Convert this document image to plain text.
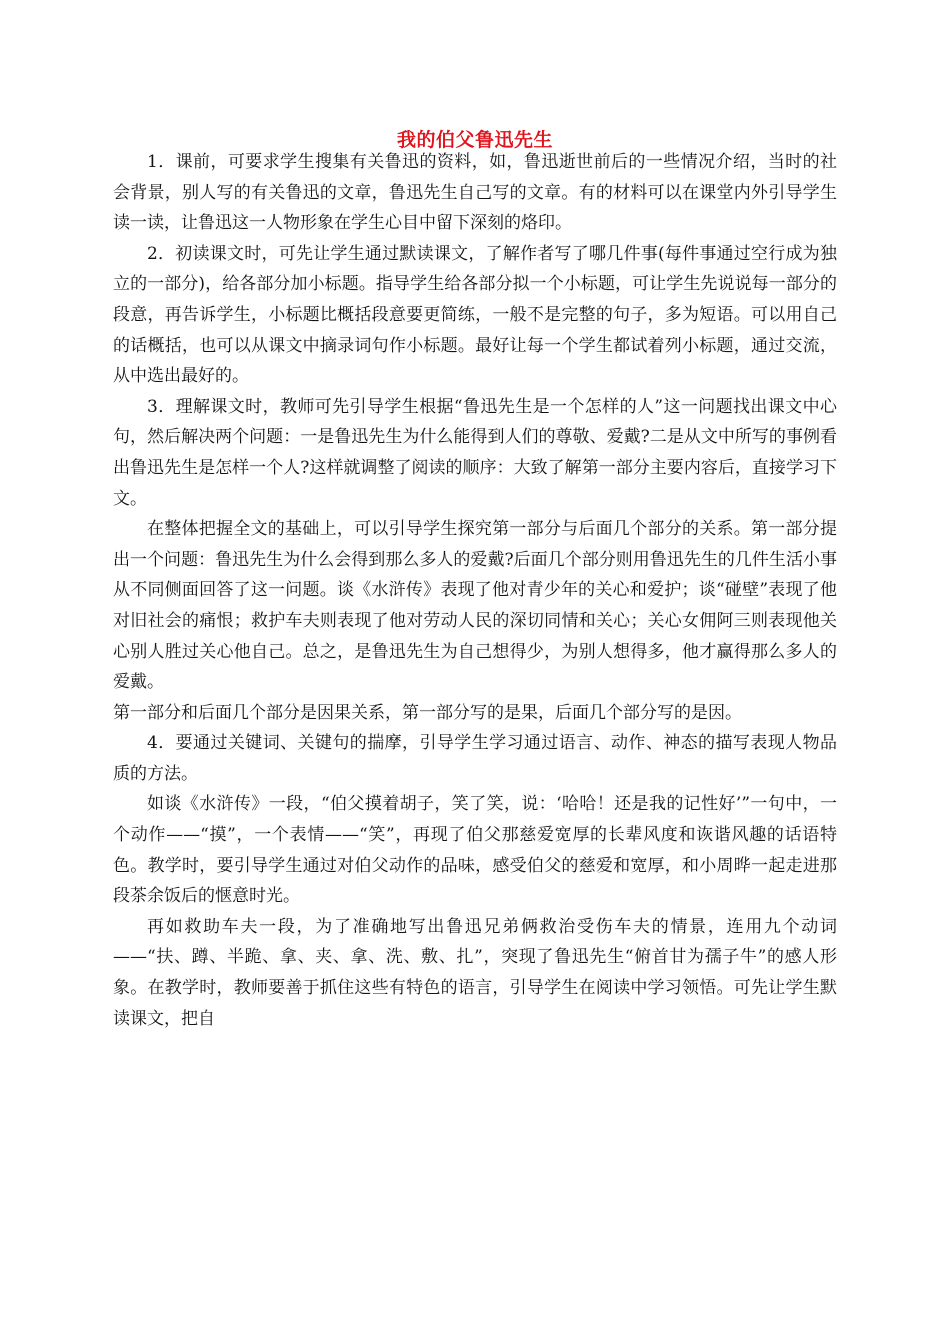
我的伯父鲁迅先生

1．课前，可要求学生搜集有关鲁迅的资料，如，鲁迅逝世前后的一些情况介绍，当时的社会背景，别人写的有关鲁迅的文章，鲁迅先生自己写的文章。有的材料可以在课堂内外引导学生读一读，让鲁迅这一人物形象在学生心目中留下深刻的烙印。

2．初读课文时，可先让学生通过默读课文，了解作者写了哪几件事(每件事通过空行成为独立的一部分)，给各部分加小标题。指导学生给各部分拟一个小标题，可让学生先说说每一部分的段意，再告诉学生，小标题比概括段意要更简练，一般不是完整的句子，多为短语。可以用自己的话概括，也可以从课文中摘录词句作小标题。最好让每一个学生都试着列小标题，通过交流，从中选出最好的。

3．理解课文时，教师可先引导学生根据“鲁迅先生是一个怎样的人”这一问题找出课文中心句，然后解决两个问题：一是鲁迅先生为什么能得到人们的尊敬、爱戴?二是从文中所写的事例看出鲁迅先生是怎样一个人?这样就调整了阅读的顺序：大致了解第一部分主要内容后，直接学习下文。

在整体把握全文的基础上，可以引导学生探究第一部分与后面几个部分的关系。第一部分提出一个问题：鲁迅先生为什么会得到那么多人的爱戴?后面几个部分则用鲁迅先生的几件生活小事从不同侧面回答了这一问题。谈《水浒传》表现了他对青少年的关心和爱护；谈“碰壁”表现了他对旧社会的痛恨；救护车夫则表现了他对劳动人民的深切同情和关心；关心女佣阿三则表现他关心别人胜过关心他自己。总之，是鲁迅先生为自己想得少，为别人想得多，他才赢得那么多人的爱戴。

第一部分和后面几个部分是因果关系，第一部分写的是果，后面几个部分写的是因。

4．要通过关键词、关键句的揣摩，引导学生学习通过语言、动作、神态的描写表现人物品质的方法。

如谈《水浒传》一段，“伯父摸着胡子，笑了笑，说：‘哈哈！还是我的记性好’”一句中，一个动作——“摸”，一个表情——“笑”，再现了伯父那慈爱宽厚的长辈风度和诙谐风趣的话语特色。教学时，要引导学生通过对伯父动作的品味，感受伯父的慈爱和宽厚，和小周晔一起走进那段茶余饭后的惬意时光。

再如救助车夫一段，为了准确地写出鲁迅兄弟俩救治受伤车夫的情景，连用九个动词——“扶、蹲、半跪、拿、夹、拿、洗、敷、扎”，突现了鲁迅先生“俯首甘为孺子牛”的感人形象。在教学时，教师要善于抓住这些有特色的语言，引导学生在阅读中学习领悟。可先让学生默读课文，把自
